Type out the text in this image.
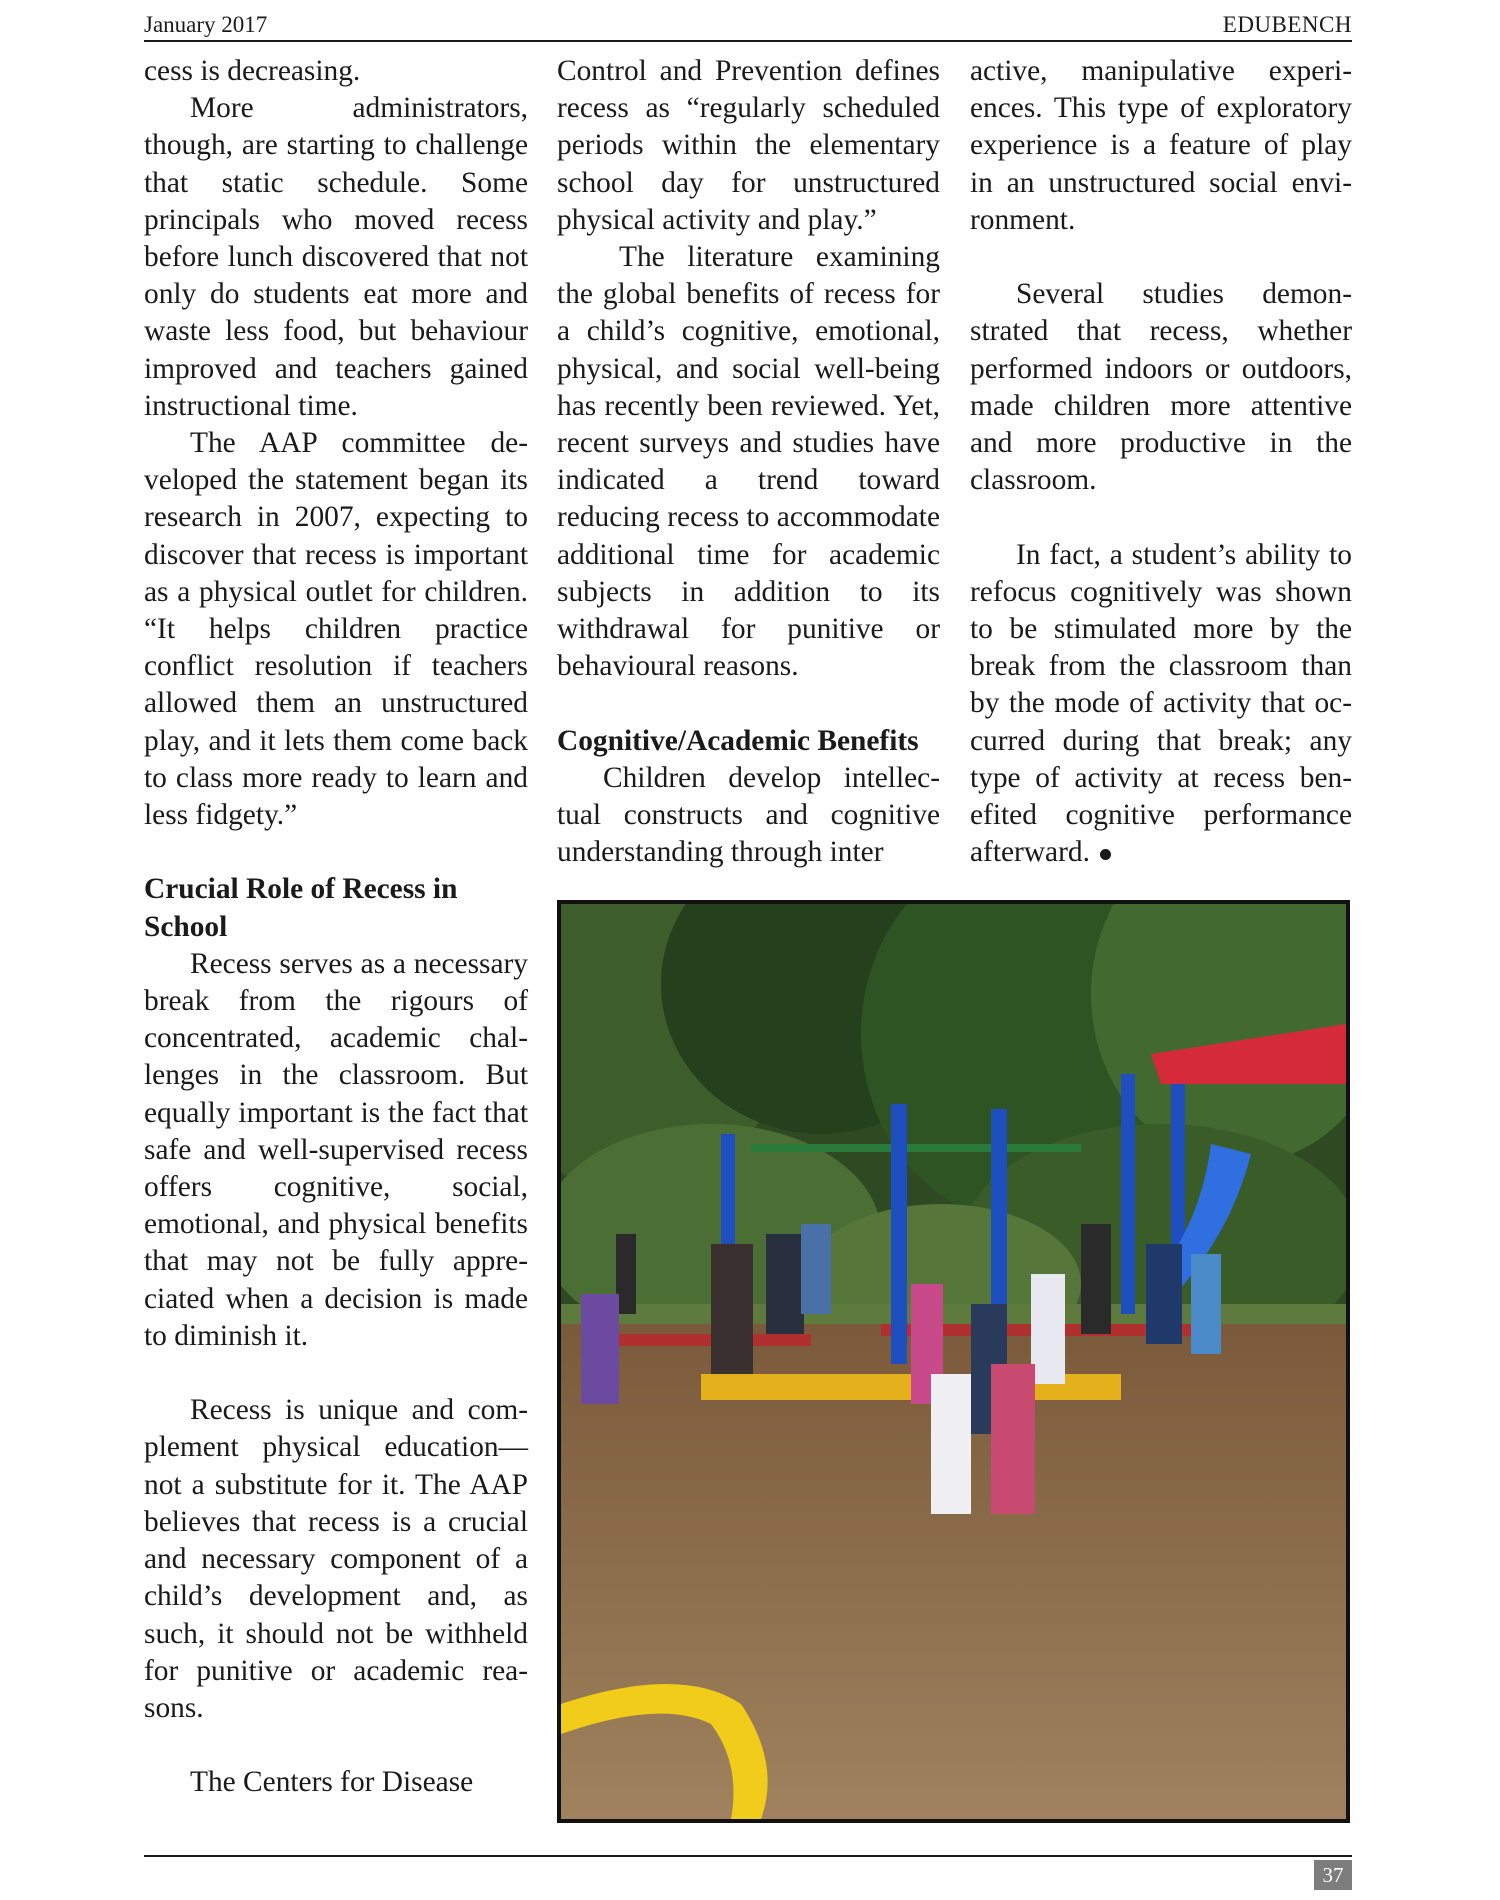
January 2017	EDUBENCH

cess is decreasing.

More administrators, though, are starting to challenge that static schedule. Some principals who moved recess before lunch discovered that not only do students eat more and waste less food, but behaviour improved and teachers gained instructional time.

The AAP committee developed the statement began its research in 2007, expecting to discover that recess is important as a physical outlet for children. “It helps children practice conflict resolution if teachers allowed them an unstructured play, and it lets them come back to class more ready to learn and less fidgety.”

Crucial Role of Recess in School

Recess serves as a necessary break from the rigours of concentrated, academic challenges in the classroom. But equally important is the fact that safe and well-supervised recess offers cognitive, social, emotional, and physical benefits that may not be fully appreciated when a decision is made to diminish it.

Recess is unique and complement physical education—not a substitute for it. The AAP believes that recess is a crucial and necessary component of a child’s development and, as such, it should not be withheld for punitive or academic reasons.

The Centers for Disease

Control and Prevention defines recess as “regularly scheduled periods within the elementary school day for unstructured physical activity and play.”

The literature examining the global benefits of recess for a child’s cognitive, emotional, physical, and social well-being has recently been reviewed. Yet, recent surveys and studies have indicated a trend toward reducing recess to accommodate additional time for academic subjects in addition to its withdrawal for punitive or behavioural reasons.

Cognitive/Academic Benefits

Children develop intellectual constructs and cognitive understanding through inter

active, manipulative experiences. This type of exploratory experience is a feature of play in an unstructured social environment.

Several studies demonstrated that recess, whether performed indoors or outdoors, made children more attentive and more productive in the classroom.

In fact, a student’s ability to refocus cognitively was shown to be stimulated more by the break from the classroom than by the mode of activity that occurred during that break; any type of activity at recess benefited cognitive performance afterward.

37
